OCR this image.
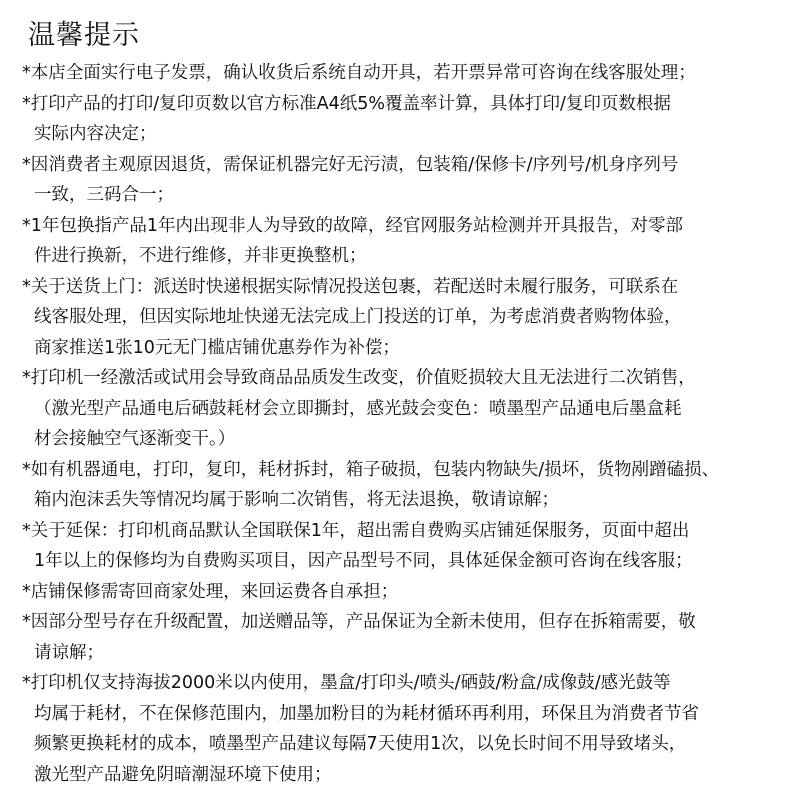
温馨提示
*本店全面实行电子发票，确认收货后系统自动开具，若开票异常可咨询在线客服处理；
*打印产品的打印/复印页数以官方标准A4纸5%覆盖率计算，具体打印/复印页数根据
实际内容决定；
*因消费者主观原因退货，需保证机器完好无污渍，包装箱/保修卡/序列号/机身序列号
一致，三码合一；
*1年包换指产品1年内出现非人为导致的故障，经官网服务站检测并开具报告，对零部
件进行换新，不进行维修，并非更换整机；
*关于送货上门：派送时快递根据实际情况投送包裹，若配送时未履行服务，可联系在
线客服处理，但因实际地址快递无法完成上门投送的订单，为考虑消费者购物体验，
商家推送1张10元无门槛店铺优惠券作为补偿；
*打印机一经激活或试用会导致商品品质发生改变，价值贬损较大且无法进行二次销售，
（激光型产品通电后硒鼓耗材会立即撕封，感光鼓会变色：喷墨型产品通电后墨盒耗
材会接触空气逐渐变干。）
*如有机器通电，打印，复印，耗材拆封，箱子破损，包装内物缺失/损坏，货物剐蹭磕损、
箱内泡沫丢失等情况均属于影响二次销售，将无法退换，敬请谅解；
*关于延保：打印机商品默认全国联保1年，超出需自费购买店铺延保服务，页面中超出
1年以上的保修均为自费购买项目，因产品型号不同，具体延保金额可咨询在线客服；
*店铺保修需寄回商家处理，来回运费各自承担；
*因部分型号存在升级配置，加送赠品等，产品保证为全新未使用，但存在拆箱需要，敬
请谅解；
*打印机仅支持海拔2000米以内使用，墨盒/打印头/喷头/硒鼓/粉盒/成像鼓/感光鼓等
均属于耗材，不在保修范围内，加墨加粉目的为耗材循环再利用，环保且为消费者节省
频繁更换耗材的成本，喷墨型产品建议每隔7天使用1次，以免长时间不用导致堵头，
激光型产品避免阴暗潮湿环境下使用；
